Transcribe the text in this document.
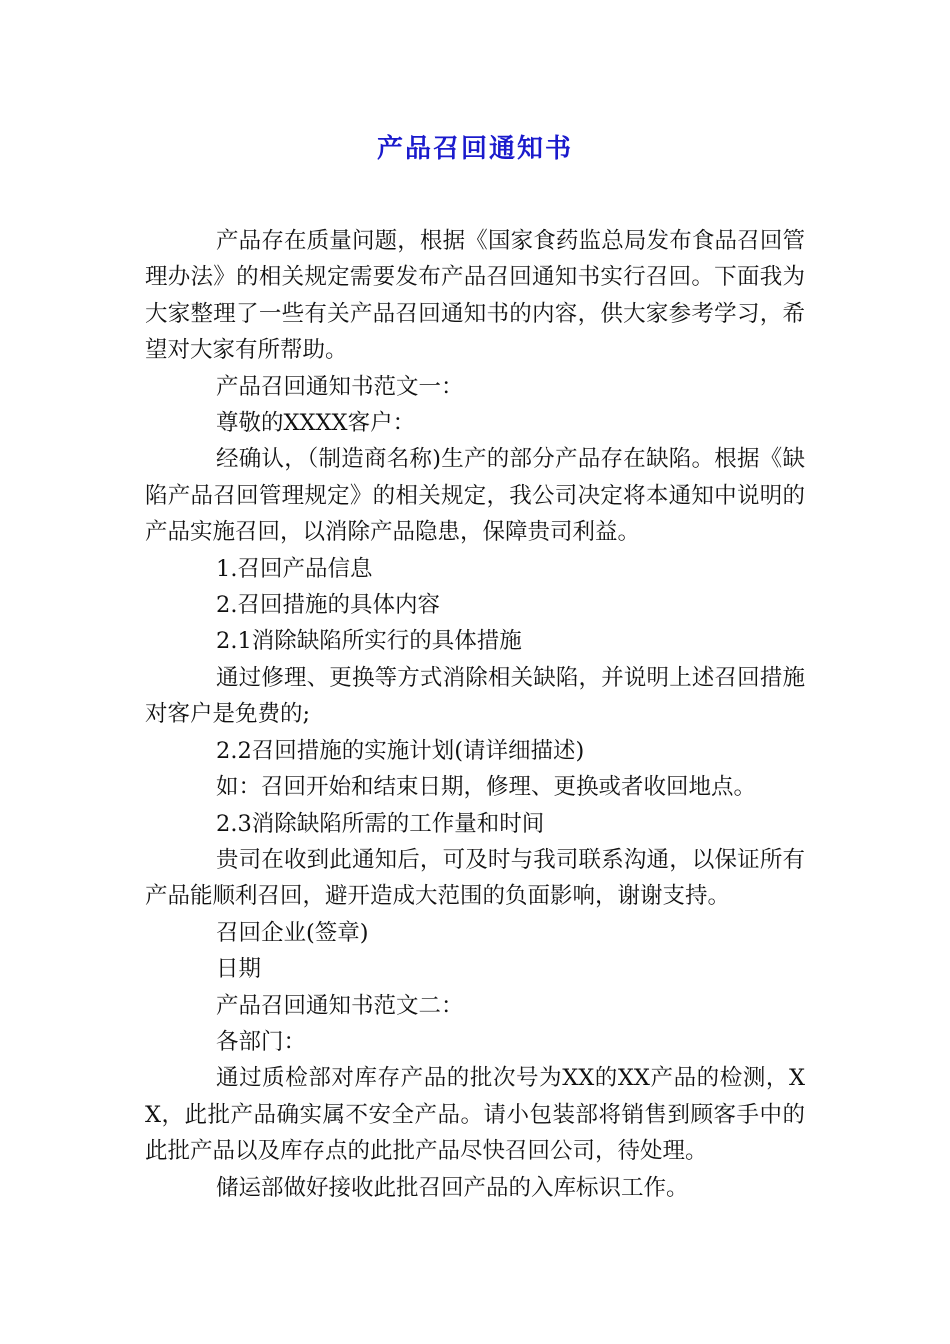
产品召回通知书

产品存在质量问题，根据《国家食药监总局发布食品召回管理办法》的相关规定需要发布产品召回通知书实行召回。下面我为大家整理了一些有关产品召回通知书的内容，供大家参考学习，希望对大家有所帮助。

产品召回通知书范文一：

尊敬的XXXX客户：

经确认，（制造商名称)生产的部分产品存在缺陷。根据《缺陷产品召回管理规定》的相关规定，我公司决定将本通知中说明的产品实施召回，以消除产品隐患，保障贵司利益。

1.召回产品信息

2.召回措施的具体内容

2.1消除缺陷所实行的具体措施

通过修理、更换等方式消除相关缺陷，并说明上述召回措施对客户是免费的;

2.2召回措施的实施计划(请详细描述)

如：召回开始和结束日期，修理、更换或者收回地点。

2.3消除缺陷所需的工作量和时间

贵司在收到此通知后，可及时与我司联系沟通，以保证所有产品能顺利召回，避开造成大范围的负面影响，谢谢支持。

召回企业(签章)

日期

产品召回通知书范文二：

各部门：

通过质检部对库存产品的批次号为XX的XX产品的检测，XX，此批产品确实属不安全产品。请小包装部将销售到顾客手中的此批产品以及库存点的此批产品尽快召回公司，待处理。

储运部做好接收此批召回产品的入库标识工作。
